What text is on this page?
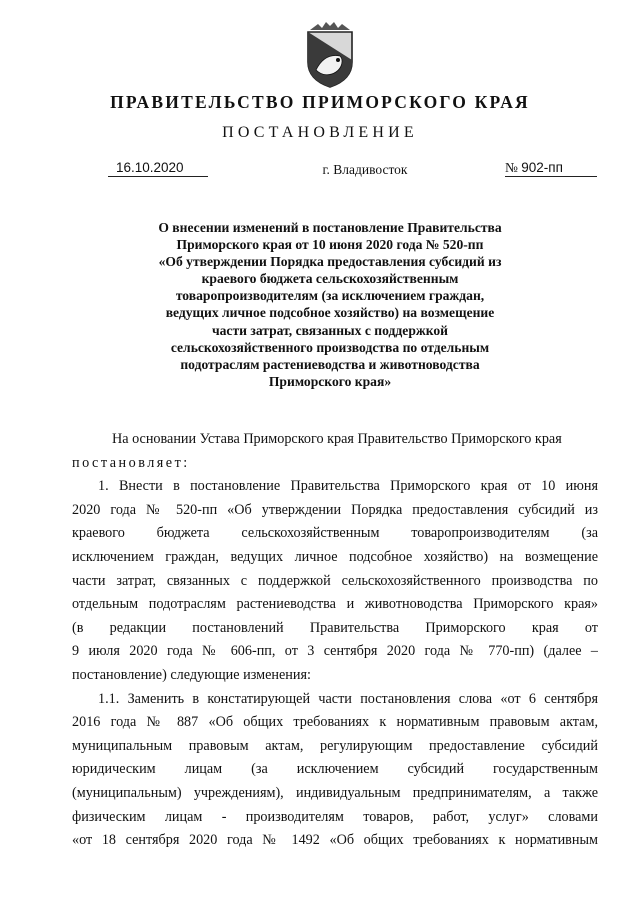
ПРАВИТЕЛЬСТВО ПРИМОРСКОГО КРАЯ
ПОСТАНОВЛЕНИЕ
16.10.2020	г. Владивосток	№ 902-пп
О внесении изменений в постановление Правительства
Приморского края от 10 июня 2020 года № 520-пп
«Об утверждении Порядка предоставления субсидий из
краевого бюджета сельскохозяйственным
товаропроизводителям (за исключением граждан,
ведущих личное подсобное хозяйство) на возмещение
части затрат, связанных с поддержкой
сельскохозяйственного производства по отдельным
подотраслям растениеводства и животноводства
Приморского края»
На основании Устава Приморского края Правительство Приморского края
постановляет:
1. Внести в постановление Правительства Приморского края от 10 июня
2020 года № 520-пп «Об утверждении Порядка предоставления субсидий из
краевого бюджета сельскохозяйственным товаропроизводителям (за
исключением граждан, ведущих личное подсобное хозяйство) на возмещение
части затрат, связанных с поддержкой сельскохозяйственного производства по
отдельным подотраслям растениеводства и животноводства Приморского края»
(в редакции постановлений Правительства Приморского края от
9 июля 2020 года № 606-пп, от 3 сентября 2020 года № 770-пп) (далее –
постановление) следующие изменения:
1.1. Заменить в констатирующей части постановления слова «от 6 сентября
2016 года № 887 «Об общих требованиях к нормативным правовым актам,
муниципальным правовым актам, регулирующим предоставление субсидий
юридическим лицам (за исключением субсидий государственным
(муниципальным) учреждениям), индивидуальным предпринимателям, а также
физическим лицам - производителям товаров, работ, услуг» словами
«от 18 сентября 2020 года № 1492 «Об общих требованиях к нормативным
